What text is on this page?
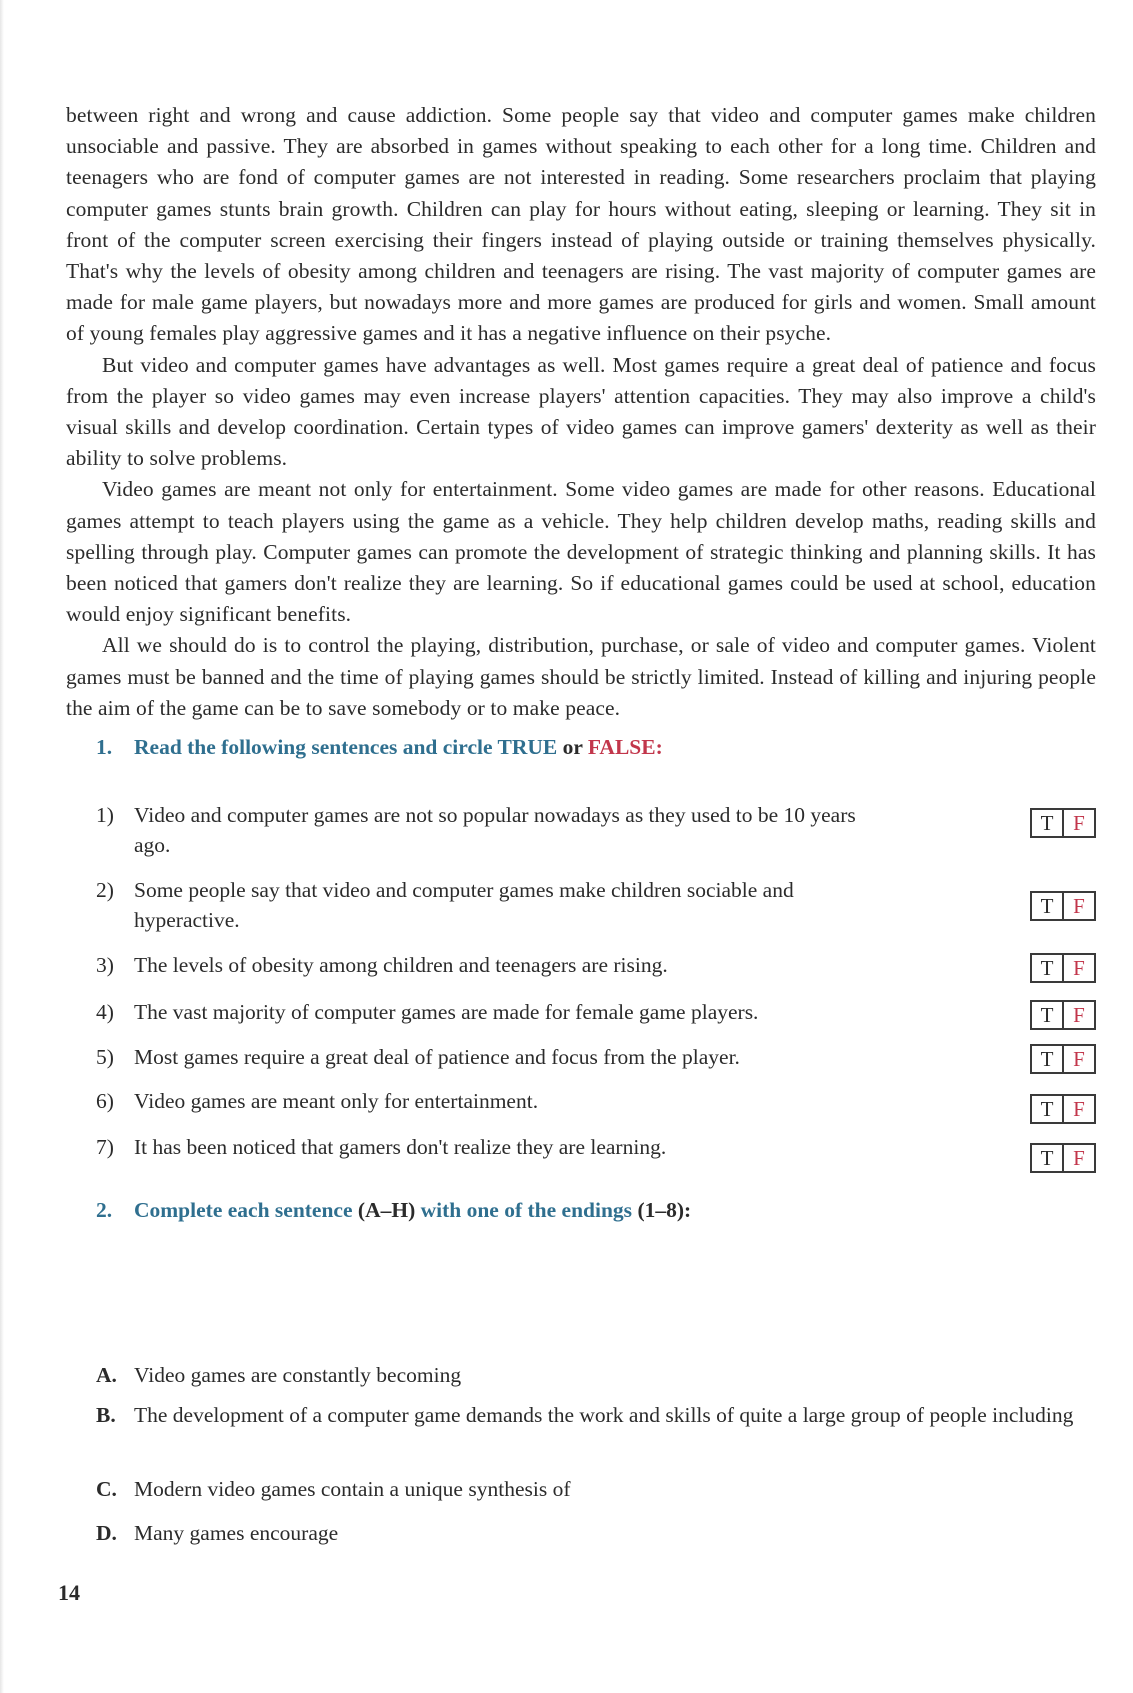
between right and wrong and cause addiction. Some people say that video and computer games make children unsociable and passive. They are absorbed in games without speaking to each other for a long time. Children and teenagers who are fond of computer games are not interested in reading. Some researchers proclaim that playing computer games stunts brain growth. Children can play for hours without eating, sleeping or learning. They sit in front of the computer screen exercising their fingers instead of playing outside or training themselves physically. That's why the levels of obesity among children and teenagers are rising. The vast majority of computer games are made for male game players, but nowadays more and more games are produced for girls and women. Small amount of young females play aggressive games and it has a negative influence on their psyche.

But video and computer games have advantages as well. Most games require a great deal of patience and focus from the player so video games may even increase players' attention capacities. They may also improve a child's visual skills and develop coordination. Certain types of video games can improve gamers' dexterity as well as their ability to solve problems.

Video games are meant not only for entertainment. Some video games are made for other reasons. Educational games attempt to teach players using the game as a vehicle. They help children develop maths, reading skills and spelling through play. Computer games can promote the development of strategic thinking and planning skills. It has been noticed that gamers don't realize they are learning. So if educational games could be used at school, education would enjoy significant benefits.

All we should do is to control the playing, distribution, purchase, or sale of video and computer games. Violent games must be banned and the time of playing games should be strictly limited. Instead of killing and injuring people the aim of the game can be to save somebody or to make peace.

1. Read the following sentences and circle TRUE or FALSE:
1) Video and computer games are not so popular nowadays as they used to be 10 years ago.
T F
2) Some people say that video and computer games make children sociable and hyperactive.
T F
3) The levels of obesity among children and teenagers are rising.	T F
4) The vast majority of computer games are made for female game players.	T F
5) Most games require a great deal of patience and focus from the player.	T F
6) Video games are meant only for entertainment.	T F
7) It has been noticed that gamers don't realize they are learning.	T F
2. Complete each sentence (A–H) with one of the endings (1–8):
A. Video games are constantly becoming
B. The development of a computer game demands the work and skills of quite a large group of people including
C. Modern video games contain a unique synthesis of
D. Many games encourage
14
